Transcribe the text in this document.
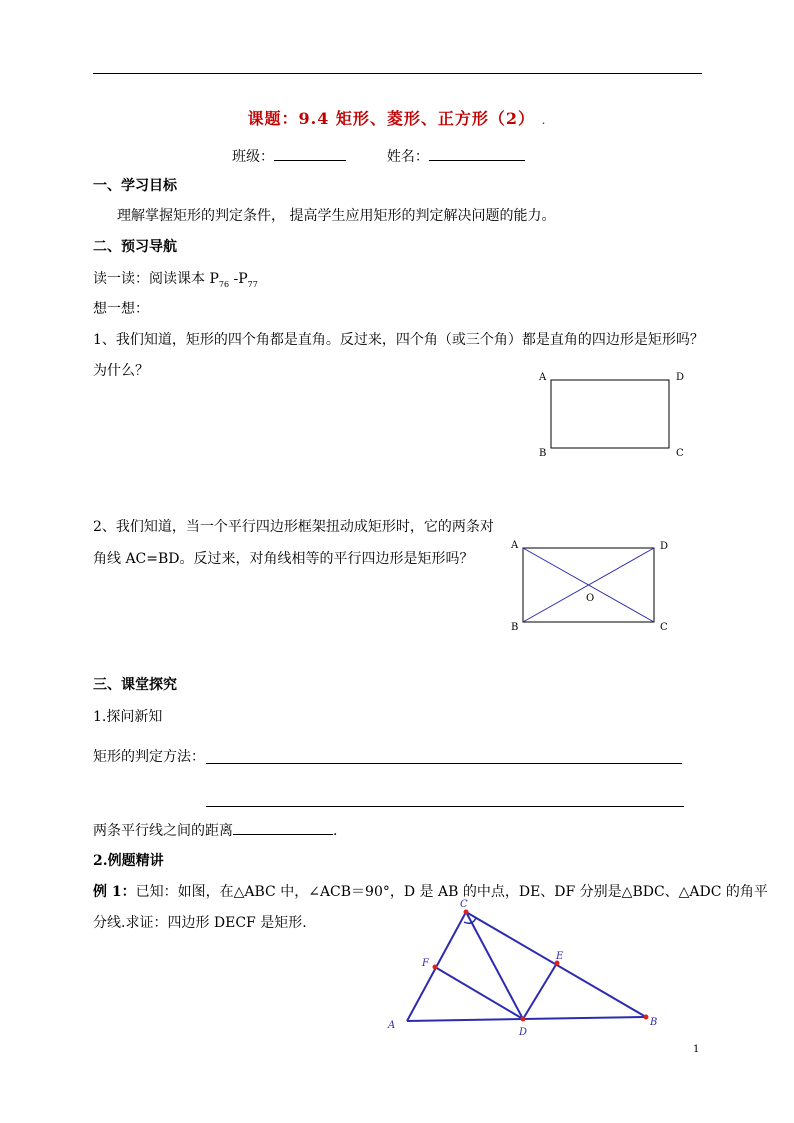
课题：9.4 矩形、菱形、正方形（2） .
班级：	姓名：
一、学习目标
理解掌握矩形的判定条件， 提高学生应用矩形的判定解决问题的能力。
二、预习导航
读一读：阅读课本 $P_{76}$ $-P_{77}$
想一想：
1、我们知道，矩形的四个角都是直角。反过来，四个角（或三个角）都是直角的四边形是矩形吗？
为什么？	A	D
B	C
2、我们知道，当一个平行四边形框架扭动成矩形时，它的两条对
角线 AC=BD。反过来，对角线相等的平行四边形是矩形吗？
A	D
B	C
O
三、课堂探究
1.探问新知
矩形的判定方法：
两条平行线之间的距离	.
2.例题精讲
例 1：已知：如图，在△ABC 中，∠ACB＝90°，D 是 AB 的中点，DE、DF 分别是△BDC、△ADC 的角平
分线.求证：四边形 DECF 是矩形.
A	B
C
D
E
F
1
